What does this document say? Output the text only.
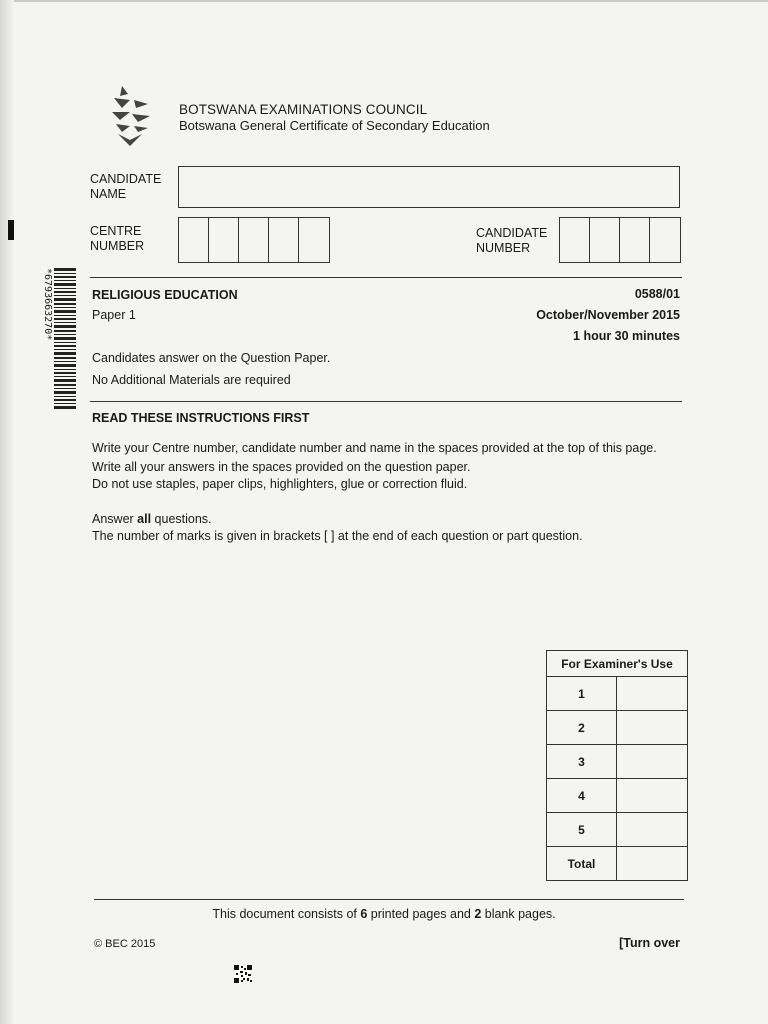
BOTSWANA EXAMINATIONS COUNCIL
Botswana General Certificate of Secondary Education
CANDIDATE
NAME
CENTRE
NUMBER
CANDIDATE
NUMBER
*6793663270*	RELIGIOUS EDUCATION
Paper 1
0588/01
October/November 2015
1 hour 30 minutes
Candidates answer on the Question Paper.
No Additional Materials are required
READ THESE INSTRUCTIONS FIRST
Write your Centre number, candidate number and name in the spaces provided at the top of this page.
Write all your answers in the spaces provided on the question paper.
Do not use staples, paper clips, highlighters, glue or correction fluid.
Answer all questions.
The number of marks is given in brackets [ ] at the end of each question or part question.
For Examiner's Use	
1	
2	
3	
4	
5	
Total	
This document consists of 6 printed pages and 2 blank pages.
© BEC 2015	[Turn over
